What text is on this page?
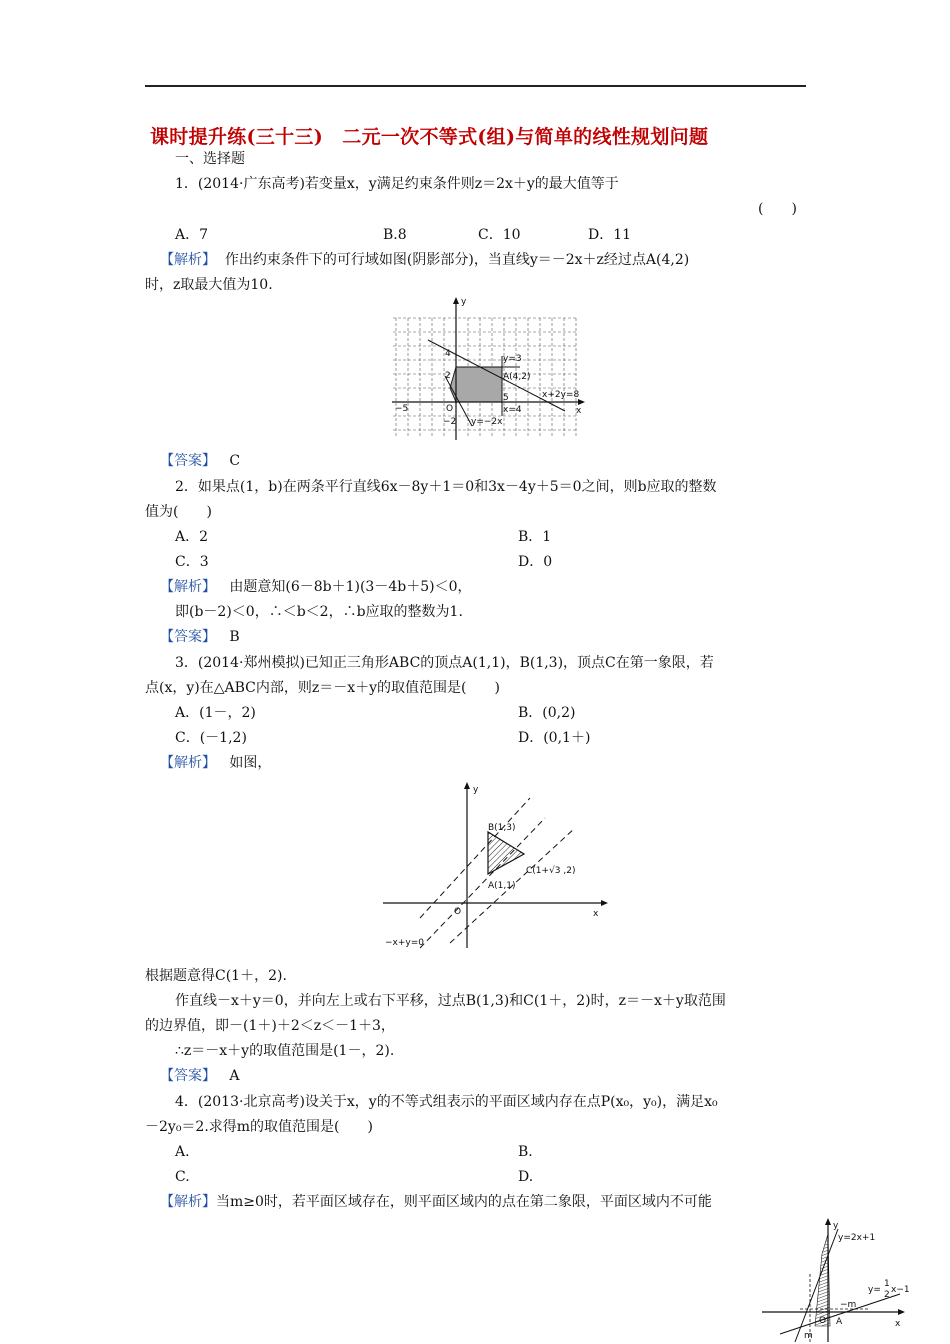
课时提升练(三十三)　二元一次不等式(组)与简单的线性规划问题
一、选择题
1．(2014·广东高考)若变量x，y满足约束条件则z＝2x＋y的最大值等于
(　　)
A．7	B.8	C．10	D．11
【解析】 作出约束条件下的可行域如图(阴影部分)，当直线y＝－2x＋z经过点A(4,2)
时，z取最大值为10.
y
x
O
4
2
−5
5
−2
y=3
A(4,2)
x+2y=8
x=4
y=−2x
【答案】 C
2．如果点(1，b)在两条平行直线6x－8y＋1＝0和3x－4y＋5＝0之间，则b应取的整数
值为(　　)
A．2	B．1
C．3	D．0
【解析】 由题意知(6－8b＋1)(3－4b＋5)＜0，
即(b－2)＜0，∴＜b＜2，∴b应取的整数为1.
【答案】 B
3．(2014·郑州模拟)已知正三角形ABC的顶点A(1,1)，B(1,3)，顶点C在第一象限，若
点(x，y)在△ABC内部，则z＝－x＋y的取值范围是(　　)
A．(1－，2)	B．(0,2)
C．(－1,2)	D．(0,1＋)
【解析】 如图，
y
x
O
B(1,3)
C(1+√3 ,2)
A(1,1)
−x+y=0
根据题意得C(1＋，2).
作直线－x＋y＝0，并向左上或右下平移，过点B(1,3)和C(1＋，2)时，z＝－x＋y取范围
的边界值，即－(1＋)＋2＜z＜－1＋3，
∴z＝－x＋y的取值范围是(1－，2).
【答案】 A
4．(2013·北京高考)设关于x，y的不等式组表示的平面区域内存在点P(x₀，y₀)，满足x₀
－2y₀＝2.求得m的取值范围是(　　)
A.	B.
C.	D.
【解析】当m≥0时，若平面区域存在，则平面区域内的点在第二象限，平面区域内不可能
y
x
O
y=2x+1
y=
1
2 x−1
−m
m
A
